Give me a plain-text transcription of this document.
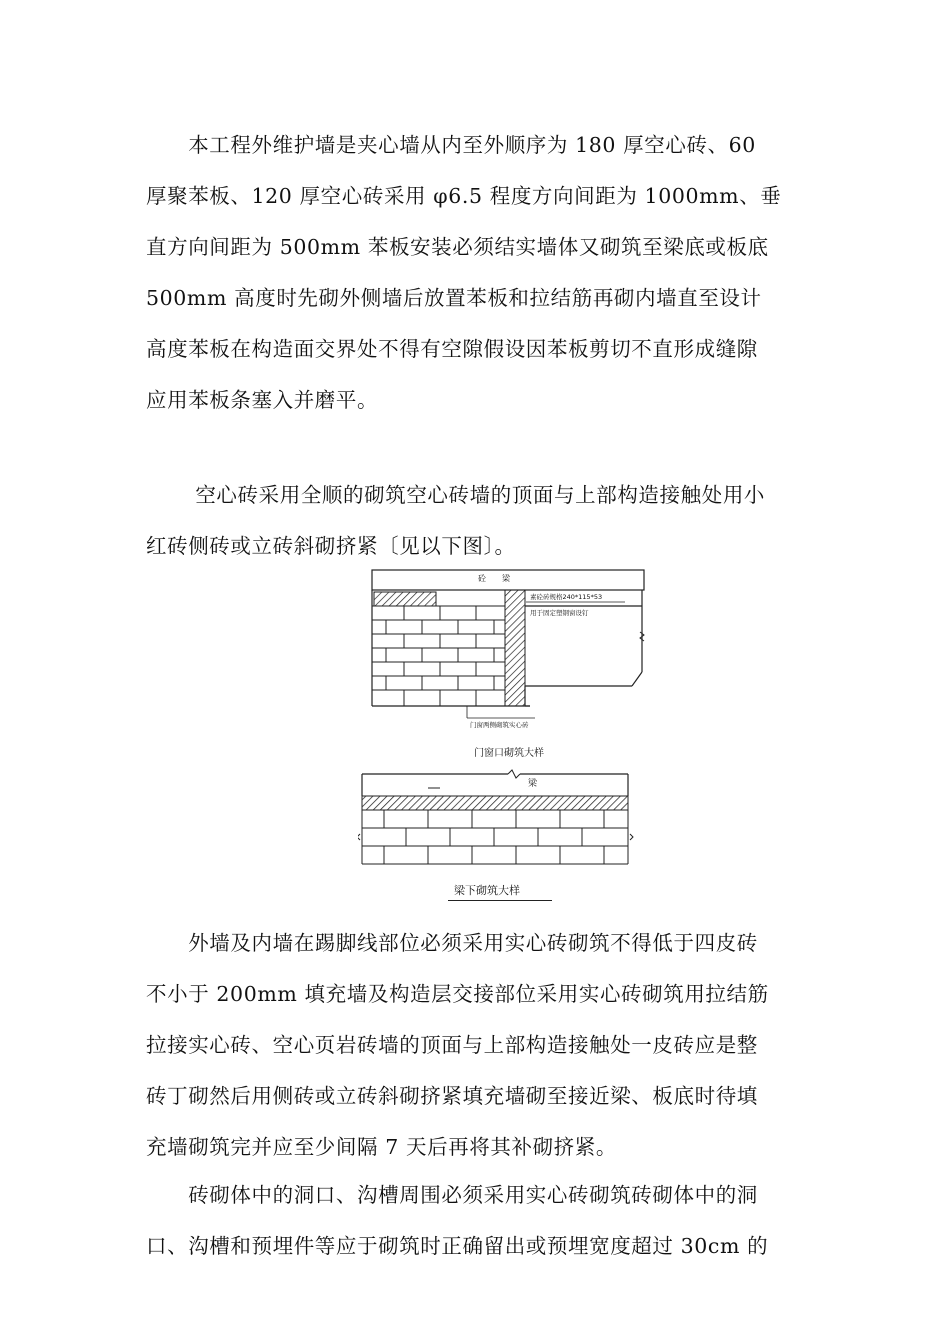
　　本工程外维护墙是夹心墙从内至外顺序为 180 厚空心砖、60
厚聚苯板、120 厚空心砖采用 φ6.5 程度方向间距为 1000mm、垂
直方向间距为 500mm 苯板安装必须结实墙体又砌筑至梁底或板底
500mm 高度时先砌外侧墙后放置苯板和拉结筋再砌内墙直至设计
高度苯板在构造面交界处不得有空隙假设因苯板剪切不直形成缝隙
应用苯板条塞入并磨平。
　　 空心砖采用全顺的砌筑空心砖墙的顶面与上部构造接触处用小
红砖侧砖或立砖斜砌挤紧〔见以下图〕。
砼　　梁
素砼砖规格240*115*53
用于固定塑钢窗设钉
门窗两侧砌筑实心砖
门窗口砌筑大样
梁
梁下砌筑大样
　　外墙及内墙在踢脚线部位必须采用实心砖砌筑不得低于四皮砖
不小于 200mm 填充墙及构造层交接部位采用实心砖砌筑用拉结筋
拉接实心砖、空心页岩砖墙的顶面与上部构造接触处一皮砖应是整
砖丁砌然后用侧砖或立砖斜砌挤紧填充墙砌至接近梁、板底时待填
充墙砌筑完并应至少间隔 7 天后再将其补砌挤紧。
　　砖砌体中的洞口、沟槽周围必须采用实心砖砌筑砖砌体中的洞
口、沟槽和预埋件等应于砌筑时正确留出或预埋宽度超过 30cm 的
